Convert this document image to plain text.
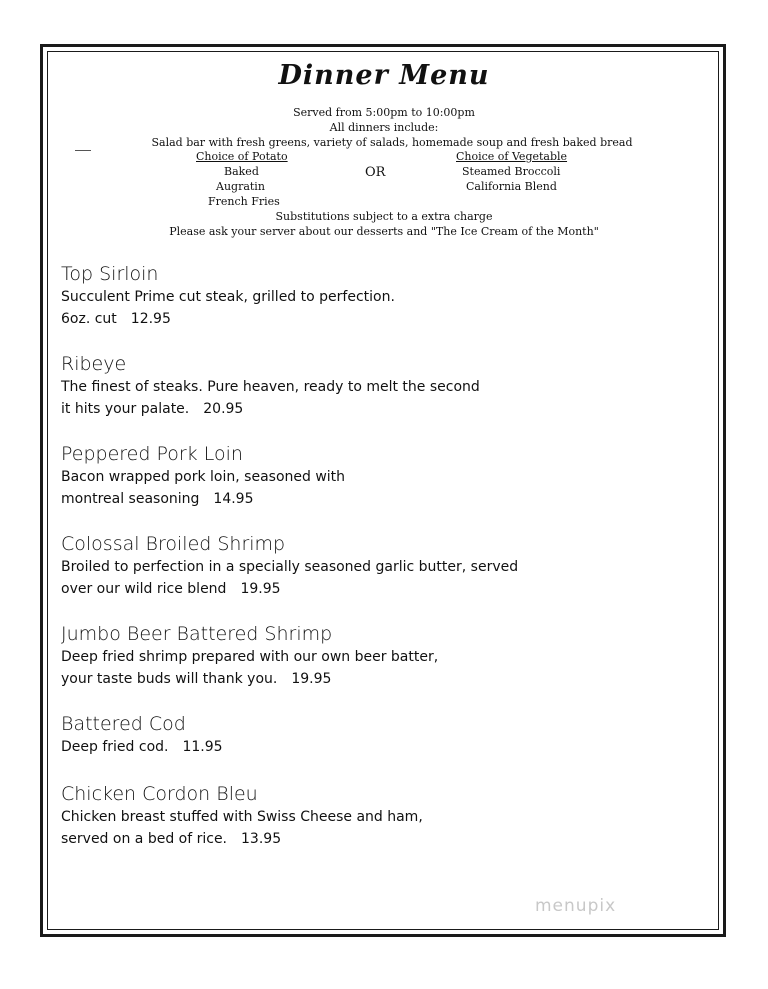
Dinner Menu
Served from 5:00pm to 10:00pm
All dinners include:
Salad bar with fresh greens, variety of salads, homemade soup and fresh baked bread
Choice of Potato	Choice of Vegetable
Baked	OR	Steamed Broccoli
Augratin	California Blend
French Fries
Substitutions subject to a extra charge
Please ask your server about our desserts and "The Ice Cream of the Month"
Top Sirloin
Succulent Prime cut steak, grilled to perfection.
6oz. cut 12.95
Ribeye
The finest of steaks. Pure heaven, ready to melt the second
it hits your palate. 20.95
Peppered Pork Loin
Bacon wrapped pork loin, seasoned with
montreal seasoning 14.95
Colossal Broiled Shrimp
Broiled to perfection in a specially seasoned garlic butter, served
over our wild rice blend 19.95
Jumbo Beer Battered Shrimp
Deep fried shrimp prepared with our own beer batter,
your taste buds will thank you. 19.95
Battered Cod
Deep fried cod. 11.95
Chicken Cordon Bleu
Chicken breast stuffed with Swiss Cheese and ham,
served on a bed of rice. 13.95
menupix
